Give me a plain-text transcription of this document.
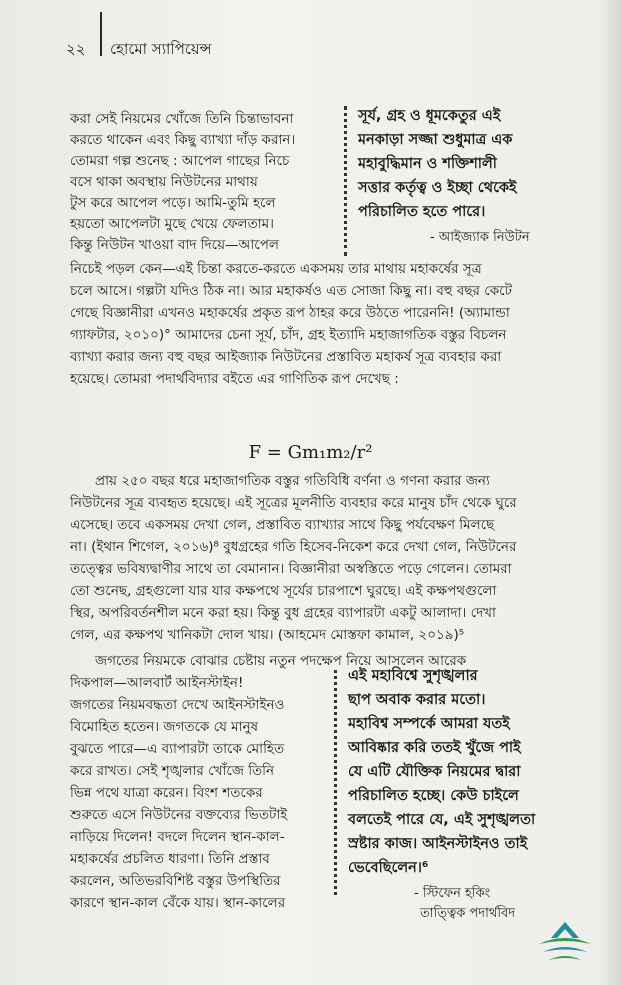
২২ হোমো স্যাপিয়েন্স

করা সেই নিয়মের খোঁজে তিনি চিন্তাভাবনা

করতে থাকেন এবং কিছু ব্যাখ্যা দাঁড় করান।

তোমরা গল্প শুনেছ : আপেল গাছের নিচে

বসে থাকা অবস্থায় নিউটনের মাথায়

টুস করে আপেল পড়ে। আমি-তুমি হলে

হয়তো আপেলটা মুছে খেয়ে ফেলতাম।

কিন্তু নিউটন খাওয়া বাদ দিয়ে—আপেল

সূর্য, গ্রহ ও ধূমকেতুর এই

মনকাড়া সজ্জা শুধুমাত্র এক

মহাবুদ্ধিমান ও শক্তিশালী

সত্তার কর্তৃত্ব ও ইচ্ছা থেকেই

পরিচালিত হতে পারে।

- আইজ্যাক নিউটন

নিচেই পড়ল কেন—এই চিন্তা করতে-করতে একসময় তার মাথায় মহাকর্ষের সূত্র

চলে আসে। গল্পটা যদিও ঠিক না। আর মহাকর্ষও এত সোজা কিছু না। বহু বছর কেটে

গেছে বিজ্ঞানীরা এখনও মহাকর্ষের প্রকৃত রূপ ঠাহর করে উঠতে পারেননি! (অ্যামান্ডা

গ্যাফটার, ২০১০)° আমাদের চেনা সূর্য, চাঁদ, গ্রহ ইত্যাদি মহাজাগতিক বস্তুর বিচলন

ব্যাখ্যা করার জন্য বহু বছর আইজ্যাক নিউটনের প্রস্তাবিত মহাকর্ষ সূত্র ব্যবহার করা

হয়েছে। তোমরা পদার্থবিদ্যার বইতে এর গাণিতিক রূপ দেখেছ :

F = Gm₁m₂/r²

প্রায় ২৫০ বছর ধরে মহাজাগতিক বস্তুর গতিবিধি বর্ণনা ও গণনা করার জন্য

নিউটনের সূত্র ব্যবহৃত হয়েছে। এই সূত্রের মূলনীতি ব্যবহার করে মানুষ চাঁদ থেকে ঘুরে

এসেছে। তবে একসময় দেখা গেল, প্রস্তাবিত ব্যাখ্যার সাথে কিছু পর্যবেক্ষণ মিলছে

না। (ইথান শিগেল, ২০১৬)⁸ বুধগ্রহের গতি হিসেব-নিকেশ করে দেখা গেল, নিউটনের

তত্ত্বের ভবিষ্যদ্বাণীর সাথে তা বেমানান। বিজ্ঞানীরা অস্বস্তিতে পড়ে গেলেন। তোমরা

তো শুনেছ, গ্রহগুলো যার যার কক্ষপথে সূর্যের চারপাশে ঘুরছে। এই কক্ষপথগুলো

স্থির, অপরিবর্তনশীল মনে করা হয়। কিন্তু বুধ গ্রহের ব্যাপারটা একটু আলাদা। দেখা

গেল, এর কক্ষপথ খানিকটা দোল খায়। (আহমেদ মোস্তফা কামাল, ২০১৯)⁵

জগতের নিয়মকে বোঝার চেষ্টায় নতুন পদক্ষেপ নিয়ে আসলেন আরেক

দিকপাল—আলবার্ট আইনস্টাইন!

জগতের নিয়মবদ্ধতা দেখে আইনস্টাইনও

বিমোহিত হতেন। জগতকে যে মানুষ

বুঝতে পারে—এ ব্যাপারটা তাকে মোহিত

করে রাখত। সেই শৃঙ্খলার খোঁজে তিনি

ভিন্ন পথে যাত্রা করেন। বিংশ শতকের

শুরুতে এসে নিউটনের বক্তব্যের ভিতটাই

নাড়িয়ে দিলেন! বদলে দিলেন স্থান-কাল-

মহাকর্ষের প্রচলিত ধারণা। তিনি প্রস্তাব

করলেন, অতিভরবিশিষ্ট বস্তুর উপস্থিতির

কারণে স্থান-কাল বেঁকে যায়। স্থান-কালের

এই মহাবিশ্বে সুশৃঙ্খলার

ছাপ অবাক করার মতো।

মহাবিশ্ব সম্পর্কে আমরা যতই

আবিষ্কার করি ততই খুঁজে পাই

যে এটি যৌক্তিক নিয়মের দ্বারা

পরিচালিত হচ্ছে। কেউ চাইলে

বলতেই পারে যে, এই সুশৃঙ্খলতা

স্রষ্টার কাজ। আইনস্টাইনও তাই

ভেবেছিলেন।⁶

- স্টিফেন হকিং
তাত্ত্বিক পদার্থবিদ
